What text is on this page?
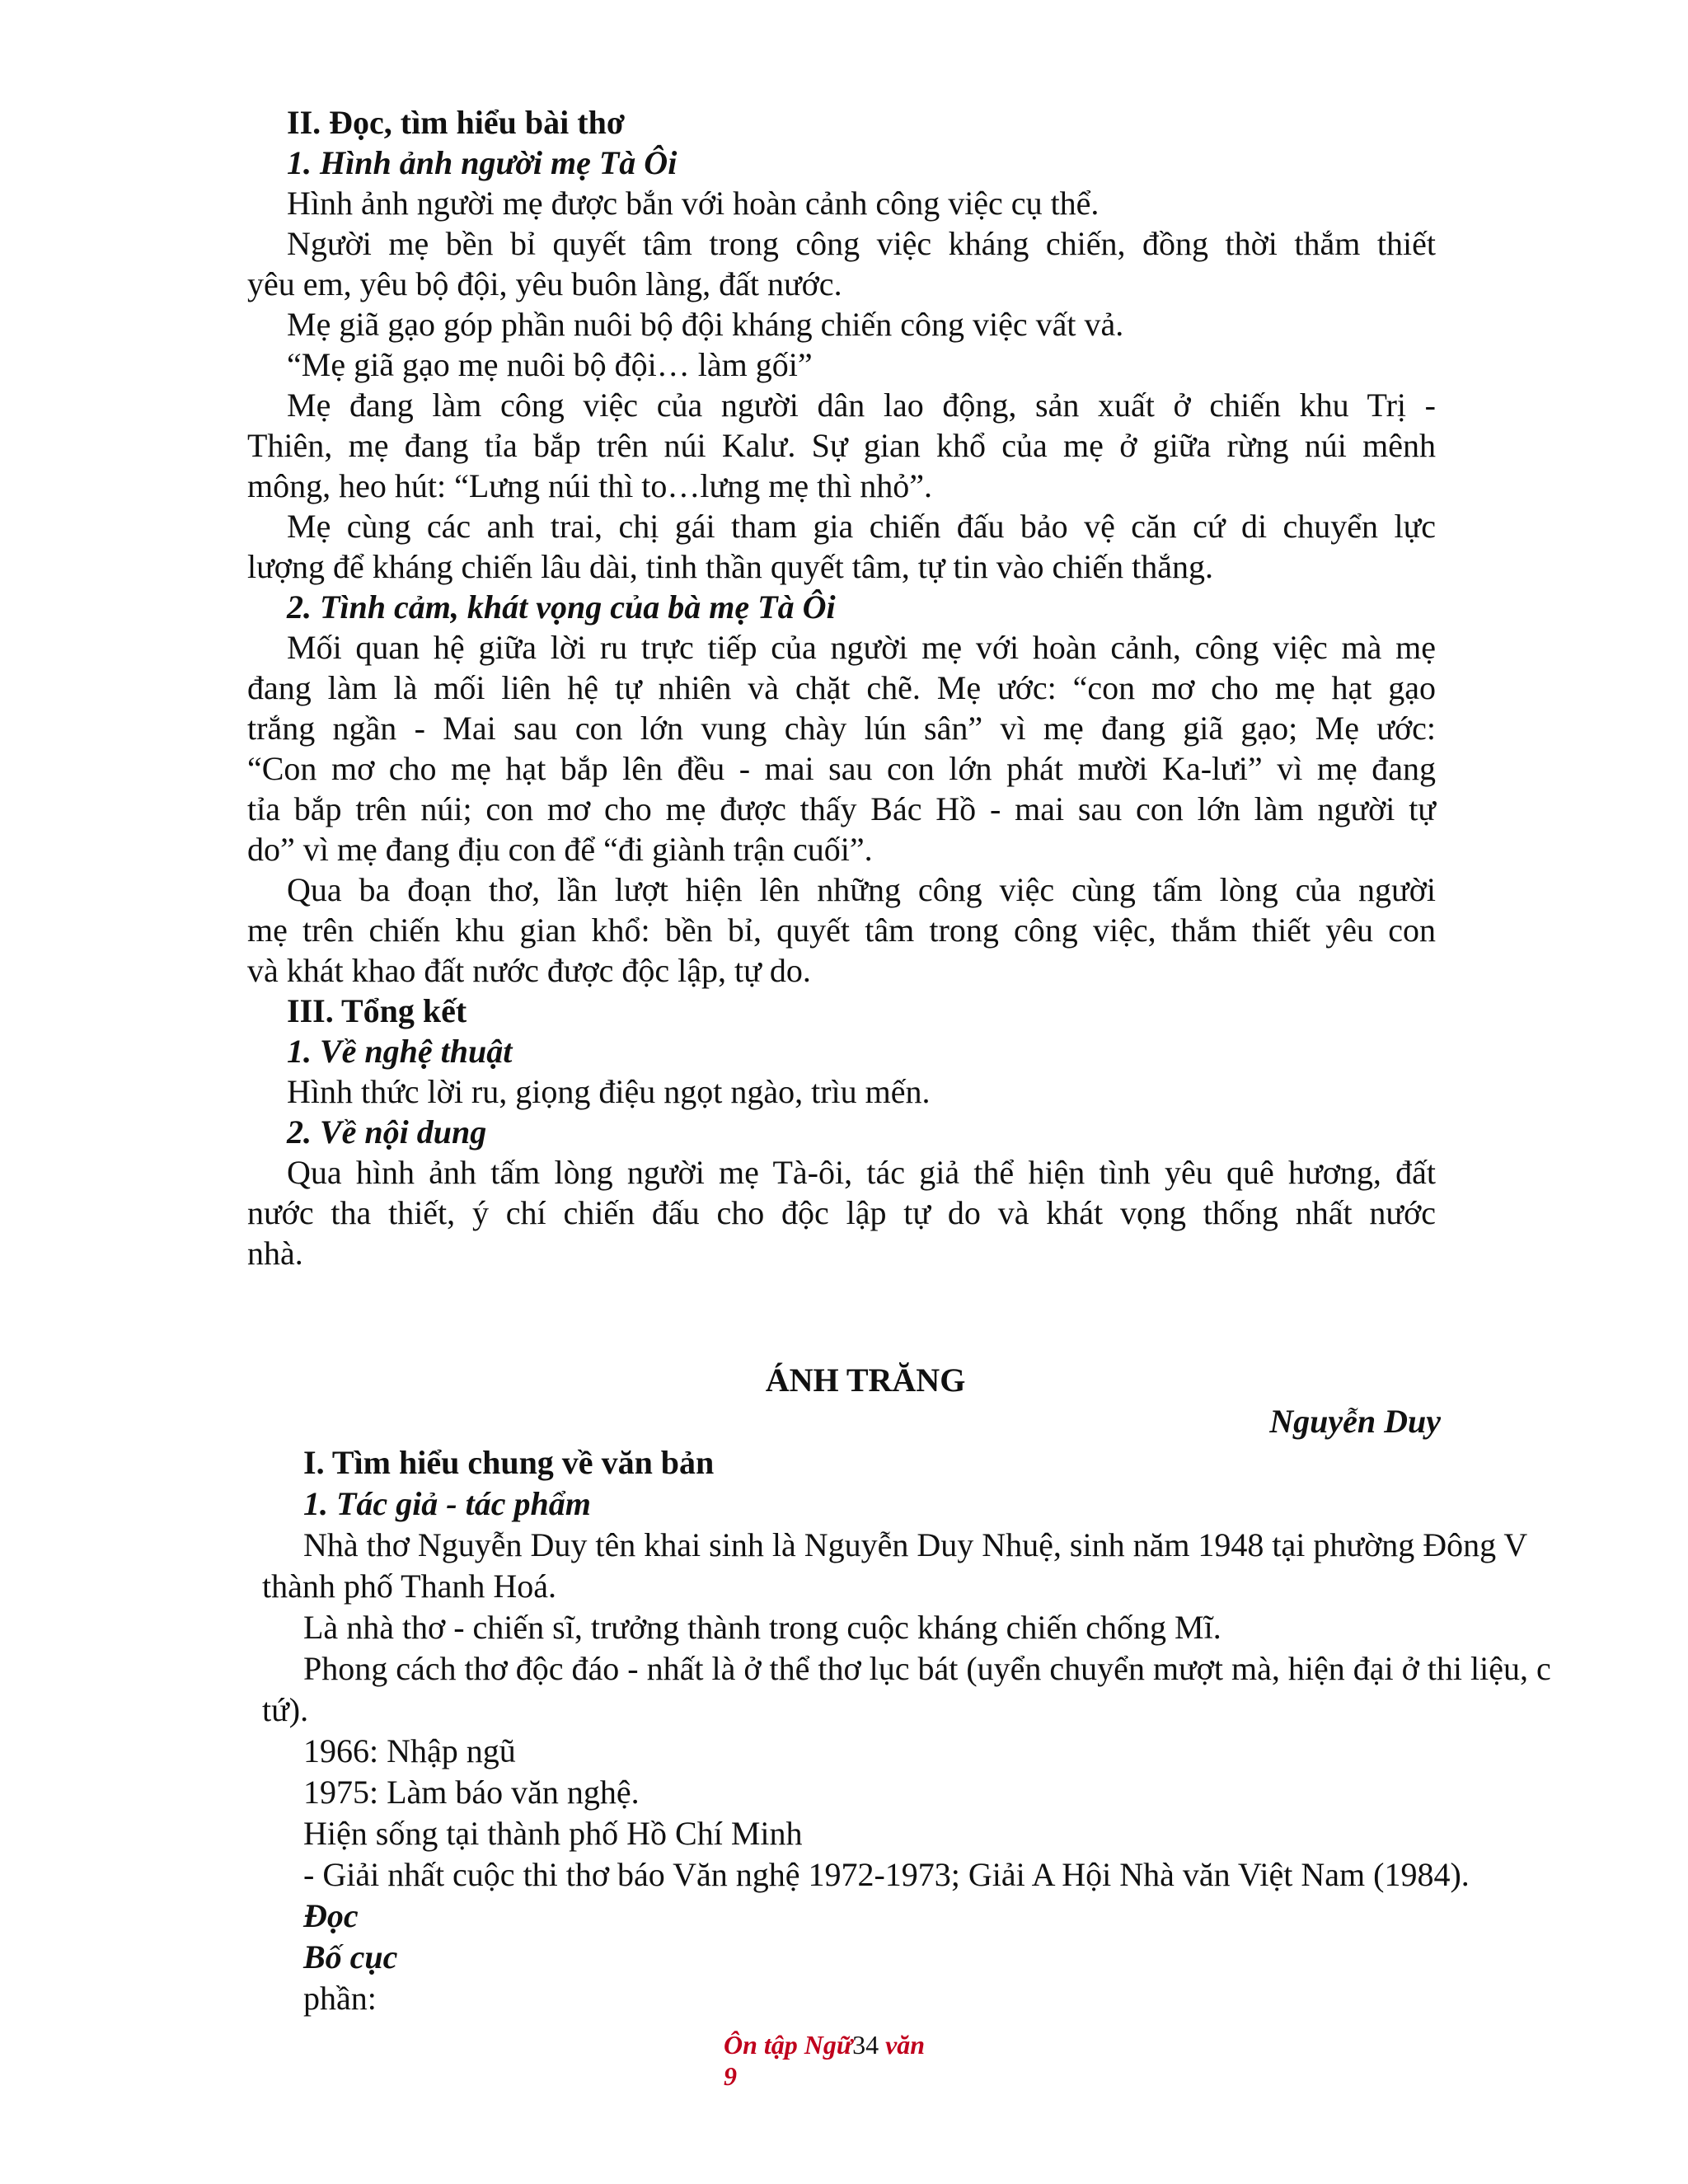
II. Đọc, tìm hiểu bài thơ
1. Hình ảnh người mẹ Tà Ôi
Hình ảnh người mẹ được bắn với hoàn cảnh công việc cụ thể.
Người mẹ bền bỉ quyết tâm trong công việc kháng chiến, đồng thời thắm thiết
yêu em, yêu bộ đội, yêu buôn làng, đất nước.
Mẹ giã gạo góp phần nuôi bộ đội kháng chiến công việc vất vả.
“Mẹ giã gạo mẹ nuôi bộ đội… làm gối”
Mẹ đang làm công việc của người dân lao động, sản xuất ở chiến khu Trị -
Thiên, mẹ đang tỉa bắp trên núi Kalư. Sự gian khổ của mẹ ở giữa rừng núi mênh
mông, heo hút: “Lưng núi thì to…lưng mẹ thì nhỏ”.
Mẹ cùng các anh trai, chị gái tham gia chiến đấu bảo vệ căn cứ di chuyển lực
lượng để kháng chiến lâu dài, tinh thần quyết tâm, tự tin vào chiến thắng.
2. Tình cảm, khát vọng của bà mẹ Tà Ôi
Mối quan hệ giữa lời ru trực tiếp của người mẹ với hoàn cảnh, công việc mà mẹ
đang làm là mối liên hệ tự nhiên và chặt chẽ. Mẹ ước: “con mơ cho mẹ hạt gạo
trắng ngần - Mai sau con lớn vung chày lún sân” vì mẹ đang giã gạo; Mẹ ước:
“Con mơ cho mẹ hạt bắp lên đều - mai sau con lớn phát mười Ka-lưi” vì mẹ đang
tỉa bắp trên núi; con mơ cho mẹ được thấy Bác Hồ - mai sau con lớn làm người tự
do” vì mẹ đang địu con để “đi giành trận cuối”.
Qua ba đoạn thơ, lần lượt hiện lên những công việc cùng tấm lòng của người
mẹ trên chiến khu gian khổ: bền bỉ, quyết tâm trong công việc, thắm thiết yêu con
và khát khao đất nước được độc lập, tự do.
III. Tổng kết
1. Về nghệ thuật
Hình thức lời ru, giọng điệu ngọt ngào, trìu mến.
2. Về nội dung
Qua hình ảnh tấm lòng người mẹ Tà-ôi, tác giả thể hiện tình yêu quê hương, đất
nước tha thiết, ý chí chiến đấu cho độc lập tự do và khát vọng thống nhất nước
nhà.
ÁNH TRĂNG
Nguyễn Duy
I. Tìm hiểu chung về văn bản
1. Tác giả - tác phẩm
Nhà thơ Nguyễn Duy tên khai sinh là Nguyễn Duy Nhuệ, sinh năm 1948 tại phường Đông V
thành phố Thanh Hoá.
Là nhà thơ - chiến sĩ, trưởng thành trong cuộc kháng chiến chống Mĩ.
Phong cách thơ độc đáo - nhất là ở thể thơ lục bát (uyển chuyển mượt mà, hiện đại ở thi liệu, c
tứ).
1966: Nhập ngũ
1975: Làm báo văn nghệ.
Hiện sống tại thành phố Hồ Chí Minh
- Giải nhất cuộc thi thơ báo Văn nghệ 1972-1973; Giải A Hội Nhà văn Việt Nam (1984).
Đọc
Bố cục
phần:
Ôn tập Ngữ34 văn
9
